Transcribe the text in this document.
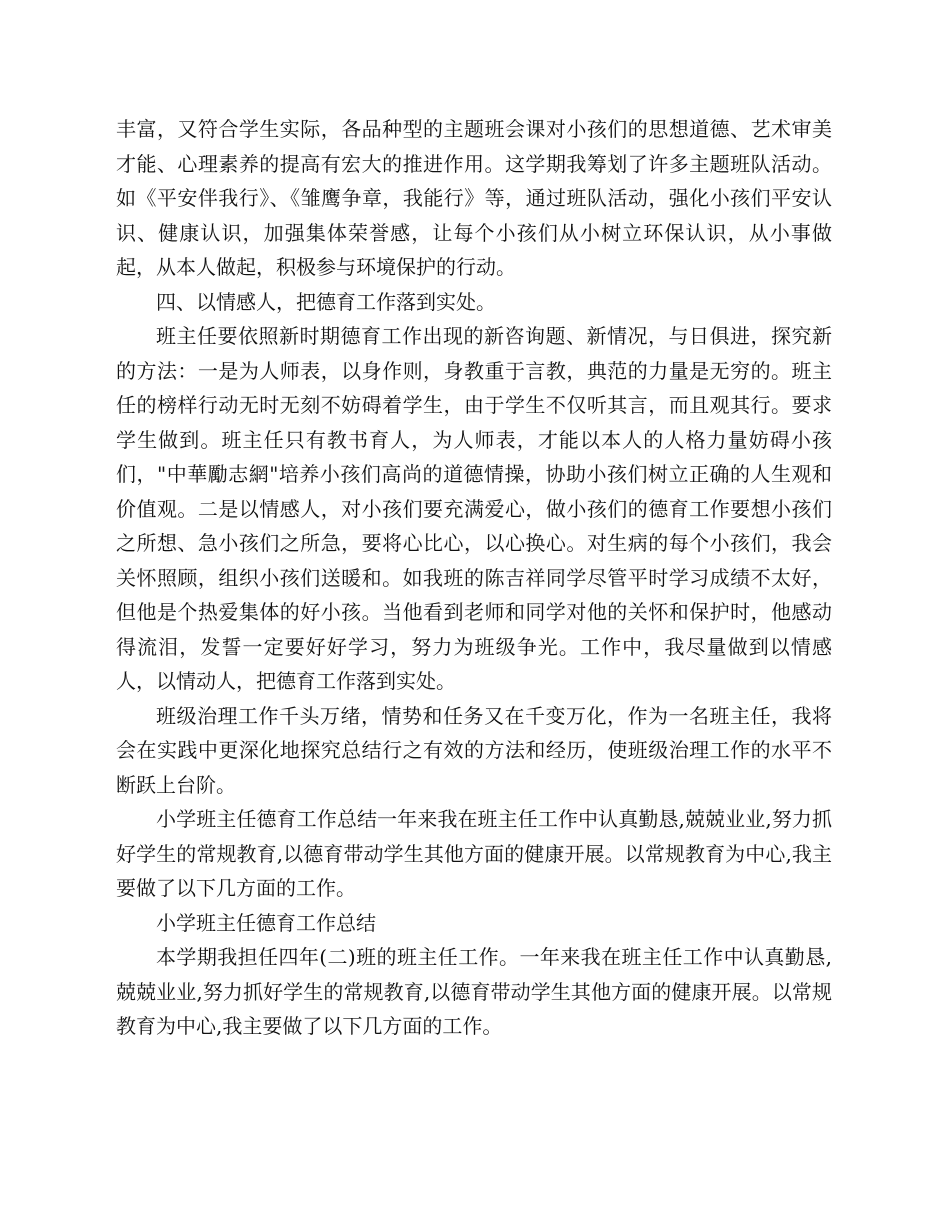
丰富，又符合学生实际，各品种型的主题班会课对小孩们的思想道德、艺术审美才能、心理素养的提高有宏大的推进作用。这学期我筹划了许多主题班队活动。如《平安伴我行》、《雏鹰争章，我能行》等，通过班队活动，强化小孩们平安认识、健康认识，加强集体荣誉感，让每个小孩们从小树立环保认识，从小事做起，从本人做起，积极参与环境保护的行动。

四、以情感人，把德育工作落到实处。

班主任要依照新时期德育工作出现的新咨询题、新情况，与日俱进，探究新的方法：一是为人师表，以身作则，身教重于言教，典范的力量是无穷的。班主任的榜样行动无时无刻不妨碍着学生，由于学生不仅听其言，而且观其行。要求学生做到。班主任只有教书育人，为人师表，才能以本人的人格力量妨碍小孩们，"中華勵志網"培养小孩们高尚的道德情操，协助小孩们树立正确的人生观和价值观。二是以情感人，对小孩们要充满爱心，做小孩们的德育工作要想小孩们之所想、急小孩们之所急，要将心比心，以心换心。对生病的每个小孩们，我会关怀照顾，组织小孩们送暖和。如我班的陈吉祥同学尽管平时学习成绩不太好，但他是个热爱集体的好小孩。当他看到老师和同学对他的关怀和保护时，他感动得流泪，发誓一定要好好学习，努力为班级争光。工作中，我尽量做到以情感人，以情动人，把德育工作落到实处。

班级治理工作千头万绪，情势和任务又在千变万化，作为一名班主任，我将会在实践中更深化地探究总结行之有效的方法和经历，使班级治理工作的水平不断跃上台阶。

小学班主任德育工作总结一年来我在班主任工作中认真勤恳,兢兢业业,努力抓好学生的常规教育,以德育带动学生其他方面的健康开展。以常规教育为中心,我主要做了以下几方面的工作。

小学班主任德育工作总结

本学期我担任四年(二)班的班主任工作。一年来我在班主任工作中认真勤恳,兢兢业业,努力抓好学生的常规教育,以德育带动学生其他方面的健康开展。以常规教育为中心,我主要做了以下几方面的工作。
